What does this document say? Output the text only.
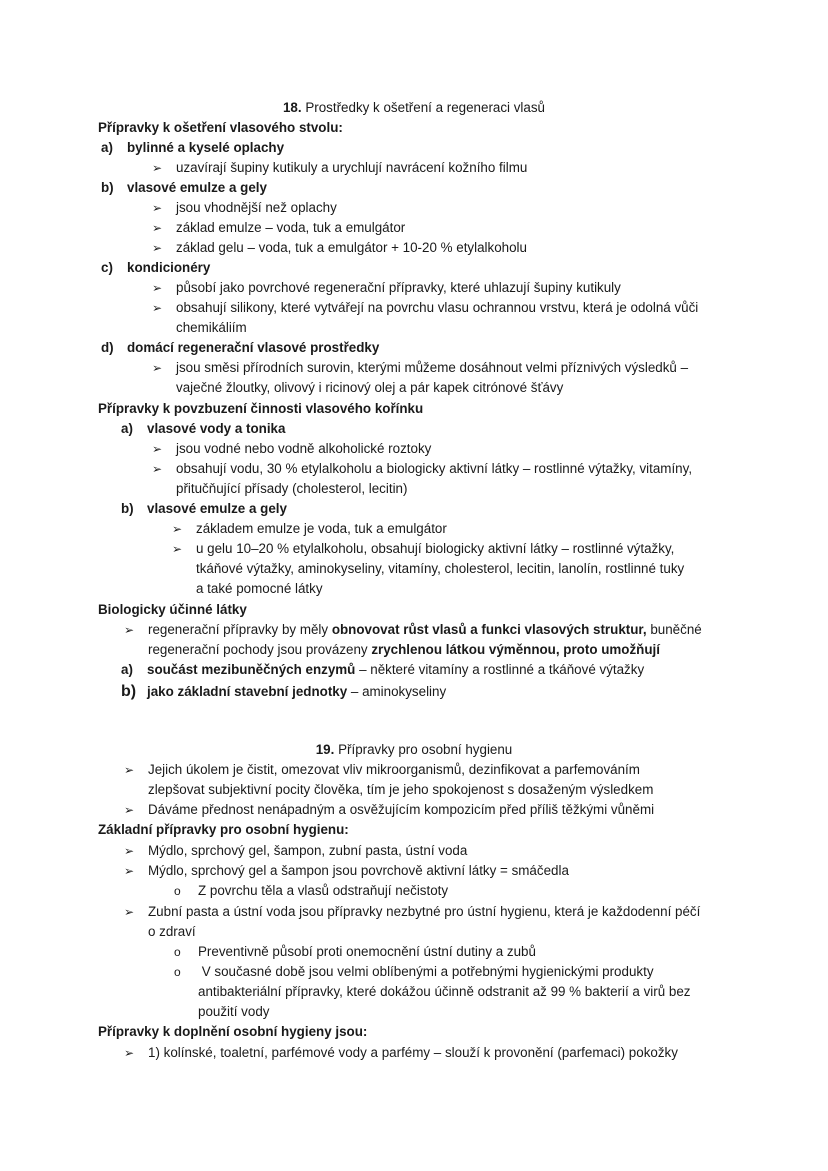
18. Prostředky k ošetření a regeneraci vlasů
Přípravky k ošetření vlasového stvolu:
a) bylinné a kyselé oplachy
➢ uzavírají šupiny kutikuly a urychlují navrácení kožního filmu
b) vlasové emulze a gely
➢ jsou vhodnější než oplachy
➢ základ emulze – voda, tuk a emulgátor
➢ základ gelu – voda, tuk a emulgátor + 10-20 % etylalkoholu
c) kondicionéry
➢ působí jako povrchové regenerační přípravky, které uhlazují šupiny kutikuly
➢ obsahují silikony, které vytvářejí na povrchu vlasu ochrannou vrstvu, která je odolná vůči
chemikáliím
d) domácí regenerační vlasové prostředky
➢ jsou směsi přírodních surovin, kterými můžeme dosáhnout velmi příznivých výsledků –
vaječné žloutky, olivový i ricinový olej a pár kapek citrónové šťávy
Přípravky k povzbuzení činnosti vlasového kořínku
a) vlasové vody a tonika
➢ jsou vodné nebo vodně alkoholické roztoky
➢ obsahují vodu, 30 % etylalkoholu a biologicky aktivní látky – rostlinné výtažky, vitamíny,
přitučňující přísady (cholesterol, lecitin)
b) vlasové emulze a gely
➢ základem emulze je voda, tuk a emulgátor
➢ u gelu 10–20 % etylalkoholu, obsahují biologicky aktivní látky – rostlinné výtažky,
tkáňové výtažky, aminokyseliny, vitamíny, cholesterol, lecitin, lanolín, rostlinné tuky
a také pomocné látky
Biologicky účinné látky
➢ regenerační přípravky by měly obnovovat růst vlasů a funkci vlasových struktur, buněčné
regenerační pochody jsou provázeny zrychlenou látkou výměnnou, proto umožňují
a) součást mezibuněčných enzymů – některé vitamíny a rostlinné a tkáňové výtažky
b) jako základní stavební jednotky – aminokyseliny
19. Přípravky pro osobní hygienu
➢ Jejich úkolem je čistit, omezovat vliv mikroorganismů, dezinfikovat a parfemováním
zlepšovat subjektivní pocity člověka, tím je jeho spokojenost s dosaženým výsledkem
➢ Dáváme přednost nenápadným a osvěžujícím kompozicím před příliš těžkými vůněmi
Základní přípravky pro osobní hygienu:
➢ Mýdlo, sprchový gel, šampon, zubní pasta, ústní voda
➢ Mýdlo, sprchový gel a šampon jsou povrchově aktivní látky = smáčedla
o Z povrchu těla a vlasů odstraňují nečistoty
➢ Zubní pasta a ústní voda jsou přípravky nezbytné pro ústní hygienu, která je každodenní péčí
o zdraví
o Preventivně působí proti onemocnění ústní dutiny a zubů
o V současné době jsou velmi oblíbenými a potřebnými hygienickými produkty
antibakteriální přípravky, které dokážou účinně odstranit až 99 % bakterií a virů bez
použití vody
Přípravky k doplnění osobní hygieny jsou:
➢ 1) kolínské, toaletní, parfémové vody a parfémy – slouží k provonění (parfemaci) pokožky
